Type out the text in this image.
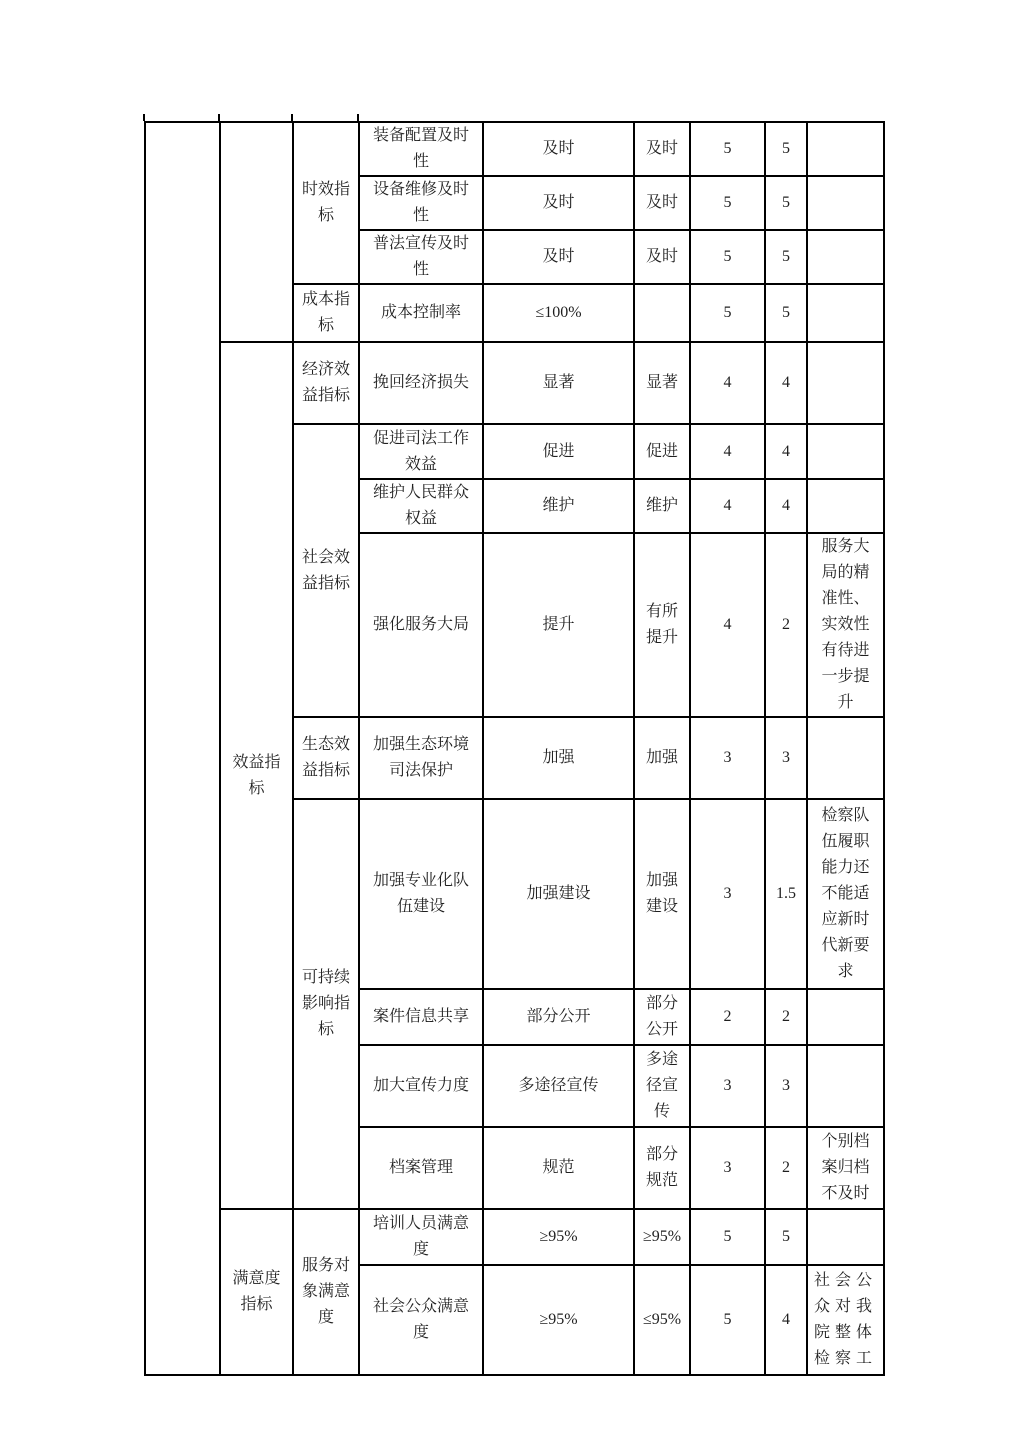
		时效指标	装备配置及时性	及时	及时	5	5	
			设备维修及时性	及时	及时	5	5	
			普法宣传及时性	及时	及时	5	5	
		成本指标	成本控制率	≤100%		5	5	
	效益指标	经济效益指标	挽回经济损失	显著	显著	4	4	
		社会效益指标	促进司法工作效益	促进	促进	4	4	
			维护人民群众权益	维护	维护	4	4	
			强化服务大局	提升	有所提升	4	2	服务大局的精准性、实效性有待进一步提升
		生态效益指标	加强生态环境司法保护	加强	加强	3	3	
		可持续影响指标	加强专业化队伍建设	加强建设	加强建设	3	1.5	检察队伍履职能力还不能适应新时代新要求
			案件信息共享	部分公开	部分公开	2	2	
			加大宣传力度	多途径宣传	多途径宣传	3	3	
			档案管理	规范	部分规范	3	2	个别档案归档不及时
	满意度指标	服务对象满意度	培训人员满意度	≥95%	≥95%	5	5	
			社会公众满意度	≥95%	≤95%	5	4	社会公众对我院整体检察工
